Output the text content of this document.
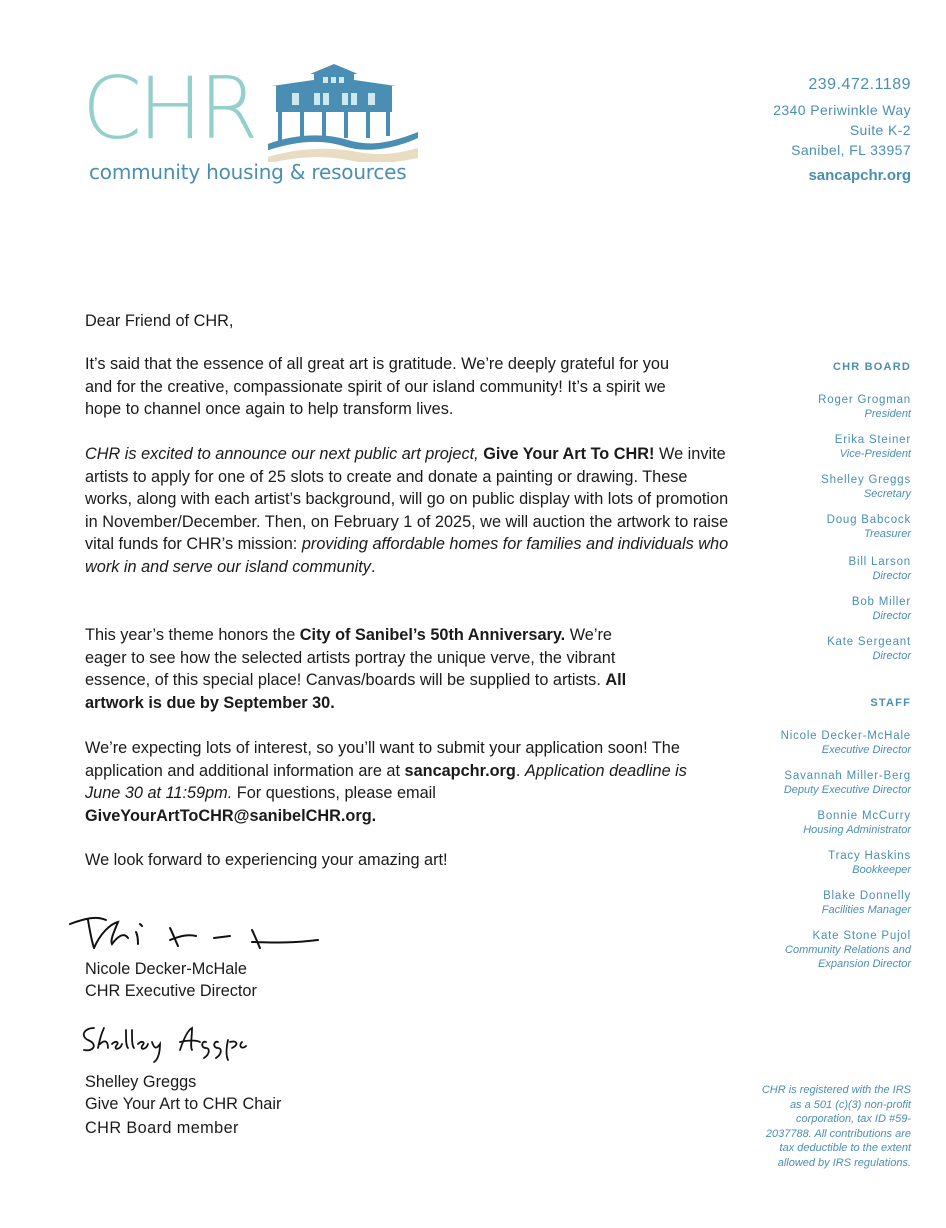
CHR
community housing & resources
239.472.1189
2340 Periwinkle Way
Suite K-2
Sanibel, FL 33957
sancapchr.org
Dear Friend of CHR,
It’s said that the essence of all great art is gratitude. We’re deeply grateful for you and for the creative, compassionate spirit of our island community! It’s a spirit we hope to channel once again to help transform lives.
CHR is excited to announce our next public art project, Give Your Art To CHR! We invite artists to apply for one of 25 slots to create and donate a painting or drawing. These works, along with each artist’s background, will go on public display with lots of promotion in November/December. Then, on February 1 of 2025, we will auction the artwork to raise vital funds for CHR’s mission: providing affordable homes for families and individuals who work in and serve our island community.
This year’s theme honors the City of Sanibel’s 50th Anniversary. We’re eager to see how the selected artists portray the unique verve, the vibrant essence, of this special place! Canvas/boards will be supplied to artists. All artwork is due by September 30.
We’re expecting lots of interest, so you’ll want to submit your application soon! The application and additional information are at sancapchr.org. Application deadline is June 30 at 11:59pm. For questions, please email GiveYourArtToCHR@sanibelCHR.org.
We look forward to experiencing your amazing art!
Nicole Decker-McHale
CHR Executive Director
Shelley Greggs
Give Your Art to CHR Chair
CHR Board member
CHR BOARD
Roger Grogman
President
Erika Steiner
Vice-President
Shelley Greggs
Secretary
Doug Babcock
Treasurer
Bill Larson
Director
Bob Miller
Director
Kate Sergeant
Director
STAFF
Nicole Decker-McHale
Executive Director
Savannah Miller-Berg
Deputy Executive Director
Bonnie McCurry
Housing Administrator
Tracy Haskins
Bookkeeper
Blake Donnelly
Facilities Manager
Kate Stone Pujol
Community Relations and
Expansion Director
CHR is registered with the IRS as a 501 (c)(3) non-profit corporation, tax ID #59-2037788. All contributions are tax deductible to the extent allowed by IRS regulations.
